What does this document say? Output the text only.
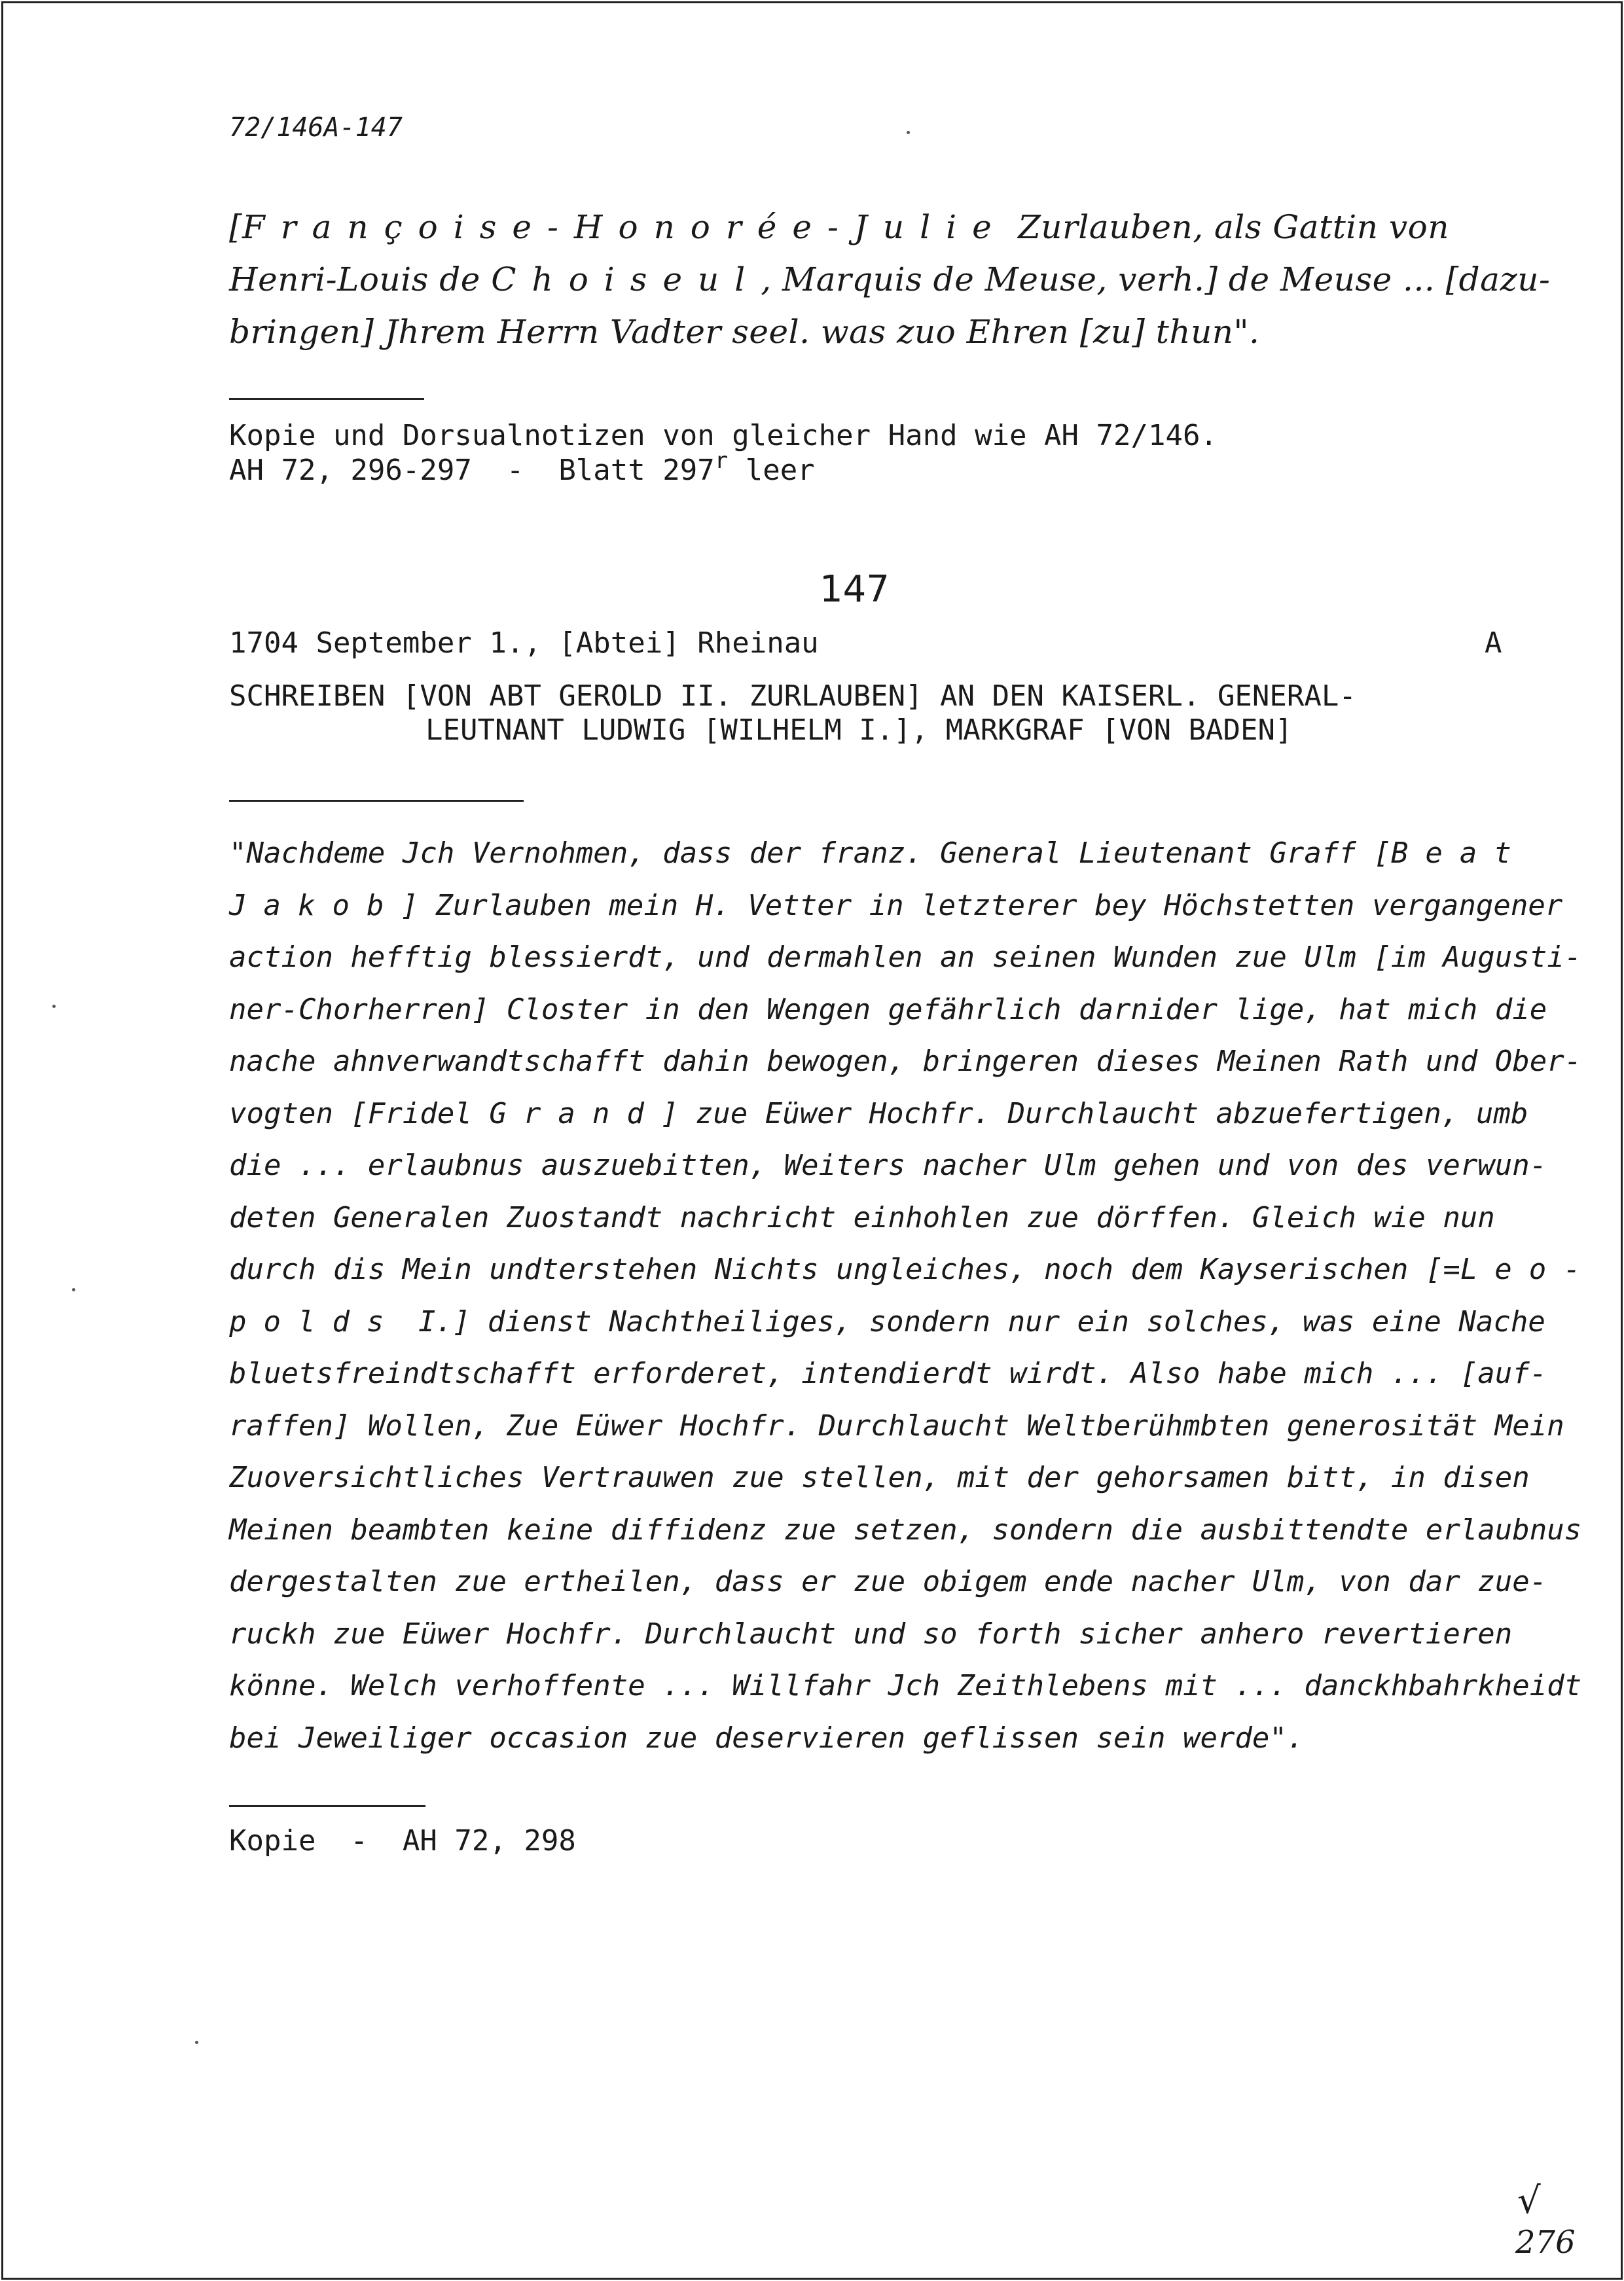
72/146A-147
[Françoise-Honorée-Julie Zurlauben, als Gattin von
Henri-Louis de Choiseul, Marquis de Meuse, verh.] de Meuse ... [dazu-
bringen] Jhrem Herrn Vadter seel. was zuo Ehren [zu] thun".
Kopie und Dorsualnotizen von gleicher Hand wie AH 72/146.
AH 72, 296-297  -  Blatt 297$^r$ leer
147
1704 September 1., [Abtei] Rheinau	A
SCHREIBEN [VON ABT GEROLD II. ZURLAUBEN] AN DEN KAISERL. GENERAL-
LEUTNANT LUDWIG [WILHELM I.], MARKGRAF [VON BADEN]
"Nachdeme Jch Vernohmen, dass der franz. General Lieutenant Graff [Beat
Jakob] Zurlauben mein H. Vetter in letzterer bey Höchstetten vergangener
action hefftig blessierdt, und dermahlen an seinen Wunden zue Ulm [im Augusti-
ner-Chorherren] Closter in den Wengen gefährlich darnider lige, hat mich die
nache ahnverwandtschafft dahin bewogen, bringeren dieses Meinen Rath und Ober-
vogten [Fridel Grand] zue Eüwer Hochfr. Durchlaucht abzuefertigen, umb
die ... erlaubnus auszuebitten, Weiters nacher Ulm gehen und von des verwun-
deten Generalen Zuostandt nachricht einhohlen zue dörffen. Gleich wie nun
durch dis Mein undterstehen Nichts ungleiches, noch dem Kayserischen [=Leo-
polds I.] dienst Nachtheiliges, sondern nur ein solches, was eine Nache
bluetsfreindtschafft erforderet, intendierdt wirdt. Also habe mich ... [auf-
raffen] Wollen, Zue Eüwer Hochfr. Durchlaucht Weltberühmbten generosität Mein
Zuoversichtliches Vertrauwen zue stellen, mit der gehorsamen bitt, in disen
Meinen beambten keine diffidenz zue setzen, sondern die ausbittendte erlaubnus
dergestalten zue ertheilen, dass er zue obigem ende nacher Ulm, von dar zue-
ruckh zue Eüwer Hochfr. Durchlaucht und so forth sicher anhero revertieren
könne. Welch verhoffente ... Willfahr Jch Zeithlebens mit ... danckhbahrkheidt
bei Jeweiliger occasion zue deservieren geflissen sein werde".
Kopie  -  AH 72, 298
√
276
